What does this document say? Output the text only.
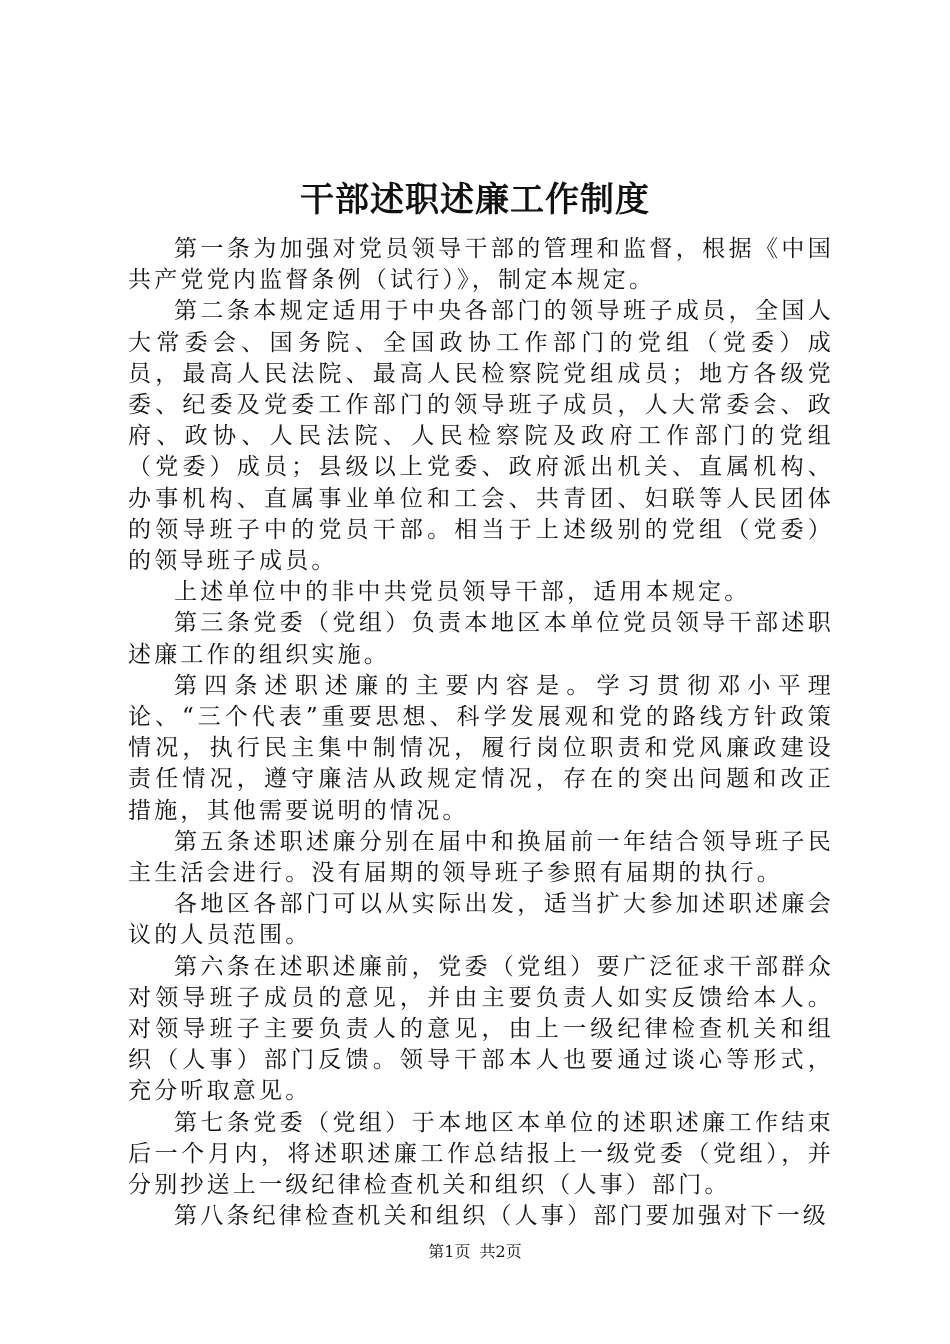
干部述职述廉工作制度

第一条为加强对党员领导干部的管理和监督，根据《中国共产党党内监督条例（试行）》，制定本规定。

第二条本规定适用于中央各部门的领导班子成员，全国人大常委会、国务院、全国政协工作部门的党组（党委）成员，最高人民法院、最高人民检察院党组成员；地方各级党委、纪委及党委工作部门的领导班子成员，人大常委会、政府、政协、人民法院、人民检察院及政府工作部门的党组（党委）成员；县级以上党委、政府派出机关、直属机构、办事机构、直属事业单位和工会、共青团、妇联等人民团体的领导班子中的党员干部。相当于上述级别的党组（党委）的领导班子成员。

上述单位中的非中共党员领导干部，适用本规定。

第三条党委（党组）负责本地区本单位党员领导干部述职述廉工作的组织实施。

第四条述职述廉的主要内容是。学习贯彻邓小平理论、“三个代表”重要思想、科学发展观和党的路线方针政策情况，执行民主集中制情况，履行岗位职责和党风廉政建设责任情况，遵守廉洁从政规定情况，存在的突出问题和改正措施，其他需要说明的情况。

第五条述职述廉分别在届中和换届前一年结合领导班子民主生活会进行。没有届期的领导班子参照有届期的执行。

各地区各部门可以从实际出发，适当扩大参加述职述廉会议的人员范围。

第六条在述职述廉前，党委（党组）要广泛征求干部群众对领导班子成员的意见，并由主要负责人如实反馈给本人。对领导班子主要负责人的意见，由上一级纪律检查机关和组织（人事）部门反馈。领导干部本人也要通过谈心等形式，充分听取意见。

第七条党委（党组）于本地区本单位的述职述廉工作结束后一个月内，将述职述廉工作总结报上一级党委（党组），并分别抄送上一级纪律检查机关和组织（人事）部门。

第八条纪律检查机关和组织（人事）部门要加强对下一级

第1页 共2页
